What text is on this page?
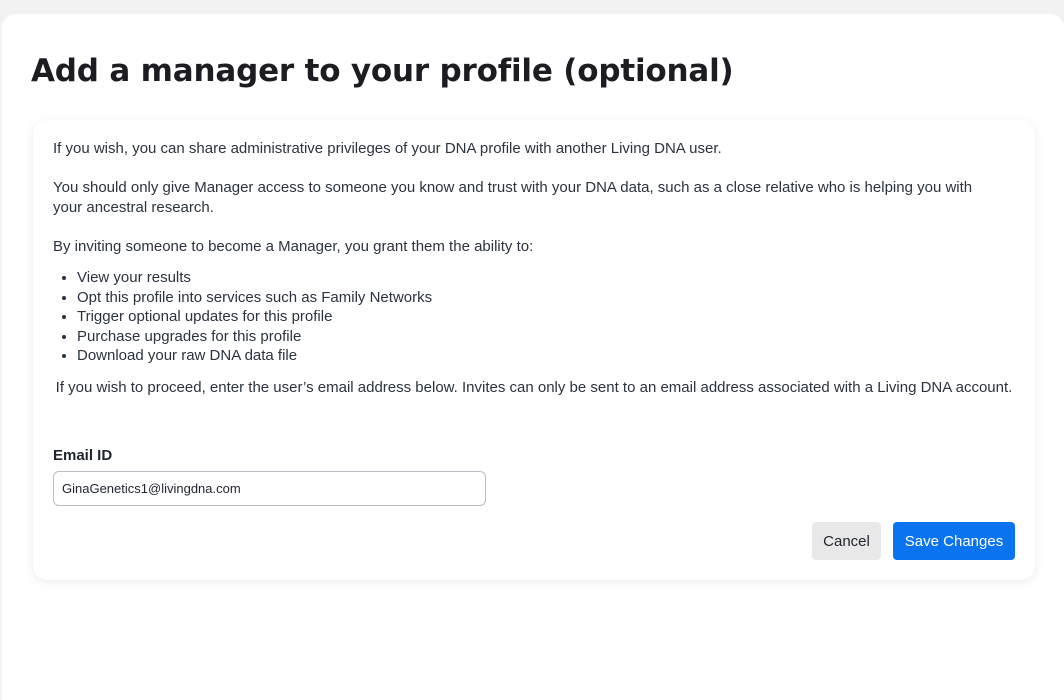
Add a manager to your profile (optional)

If you wish, you can share administrative privileges of your DNA profile with another Living DNA user.

You should only give Manager access to someone you know and trust with your DNA data, such as a close relative who is helping you with your ancestral research.

By inviting someone to become a Manager, you grant them the ability to:

• View your results
• Opt this profile into services such as Family Networks
• Trigger optional updates for this profile
• Purchase upgrades for this profile
• Download your raw DNA data file

If you wish to proceed, enter the user’s email address below. Invites can only be sent to an email address associated with a Living DNA account.

Email ID
GinaGenetics1@livingdna.com
Cancel	Save Changes
